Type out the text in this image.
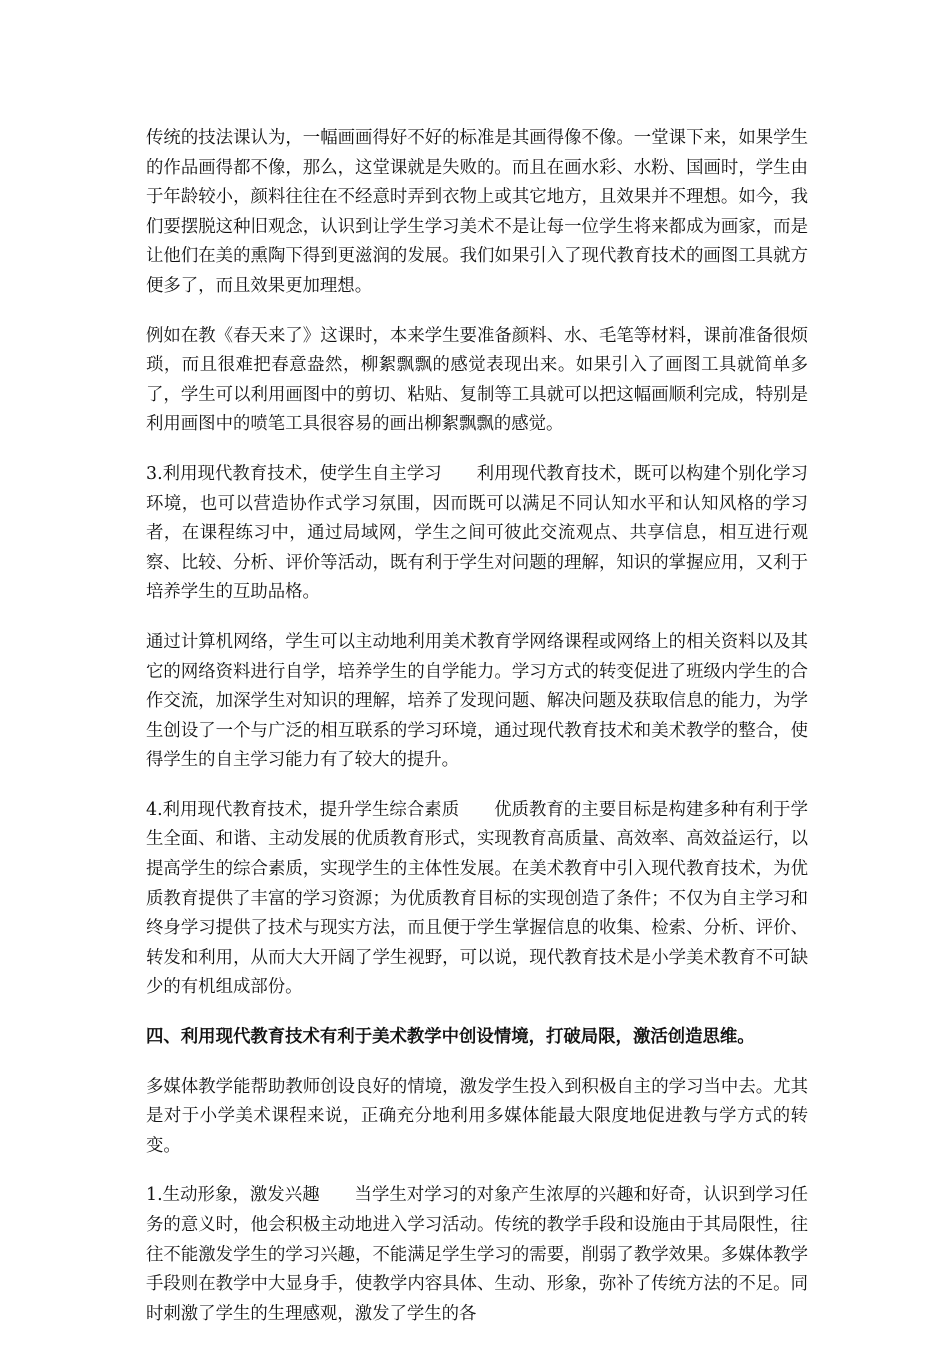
传统的技法课认为，一幅画画得好不好的标准是其画得像不像。一堂课下来，如果学生的作品画得都不像，那么，这堂课就是失败的。而且在画水彩、水粉、国画时，学生由于年龄较小，颜料往往在不经意时弄到衣物上或其它地方，且效果并不理想。如今，我们要摆脱这种旧观念，认识到让学生学习美术不是让每一位学生将来都成为画家，而是让他们在美的熏陶下得到更滋润的发展。我们如果引入了现代教育技术的画图工具就方便多了，而且效果更加理想。

例如在教《春天来了》这课时，本来学生要准备颜料、水、毛笔等材料，课前准备很烦琐，而且很难把春意盎然，柳絮飘飘的感觉表现出来。如果引入了画图工具就简单多了，学生可以利用画图中的剪切、粘贴、复制等工具就可以把这幅画顺利完成，特别是利用画图中的喷笔工具很容易的画出柳絮飘飘的感觉。

3.利用现代教育技术，使学生自主学习　　利用现代教育技术，既可以构建个别化学习环境，也可以营造协作式学习氛围，因而既可以满足不同认知水平和认知风格的学习者，在课程练习中，通过局域网，学生之间可彼此交流观点、共享信息，相互进行观察、比较、分析、评价等活动，既有利于学生对问题的理解，知识的掌握应用，又利于培养学生的互助品格。

通过计算机网络，学生可以主动地利用美术教育学网络课程或网络上的相关资料以及其它的网络资料进行自学，培养学生的自学能力。学习方式的转变促进了班级内学生的合作交流，加深学生对知识的理解，培养了发现问题、解决问题及获取信息的能力，为学生创设了一个与广泛的相互联系的学习环境，通过现代教育技术和美术教学的整合，使得学生的自主学习能力有了较大的提升。

4.利用现代教育技术，提升学生综合素质　　优质教育的主要目标是构建多种有利于学生全面、和谐、主动发展的优质教育形式，实现教育高质量、高效率、高效益运行，以提高学生的综合素质，实现学生的主体性发展。在美术教育中引入现代教育技术，为优质教育提供了丰富的学习资源；为优质教育目标的实现创造了条件；不仅为自主学习和终身学习提供了技术与现实方法，而且便于学生掌握信息的收集、检索、分析、评价、转发和利用，从而大大开阔了学生视野，可以说，现代教育技术是小学美术教育不可缺少的有机组成部份。

四、利用现代教育技术有利于美术教学中创设情境，打破局限，激活创造思维。

多媒体教学能帮助教师创设良好的情境，激发学生投入到积极自主的学习当中去。尤其是对于小学美术课程来说，正确充分地利用多媒体能最大限度地促进教与学方式的转变。

1.生动形象，激发兴趣　　当学生对学习的对象产生浓厚的兴趣和好奇，认识到学习任务的意义时，他会积极主动地进入学习活动。传统的教学手段和设施由于其局限性，往往不能激发学生的学习兴趣，不能满足学生学习的需要，削弱了教学效果。多媒体教学手段则在教学中大显身手，使教学内容具体、生动、形象，弥补了传统方法的不足。同时刺激了学生的生理感观，激发了学生的各
